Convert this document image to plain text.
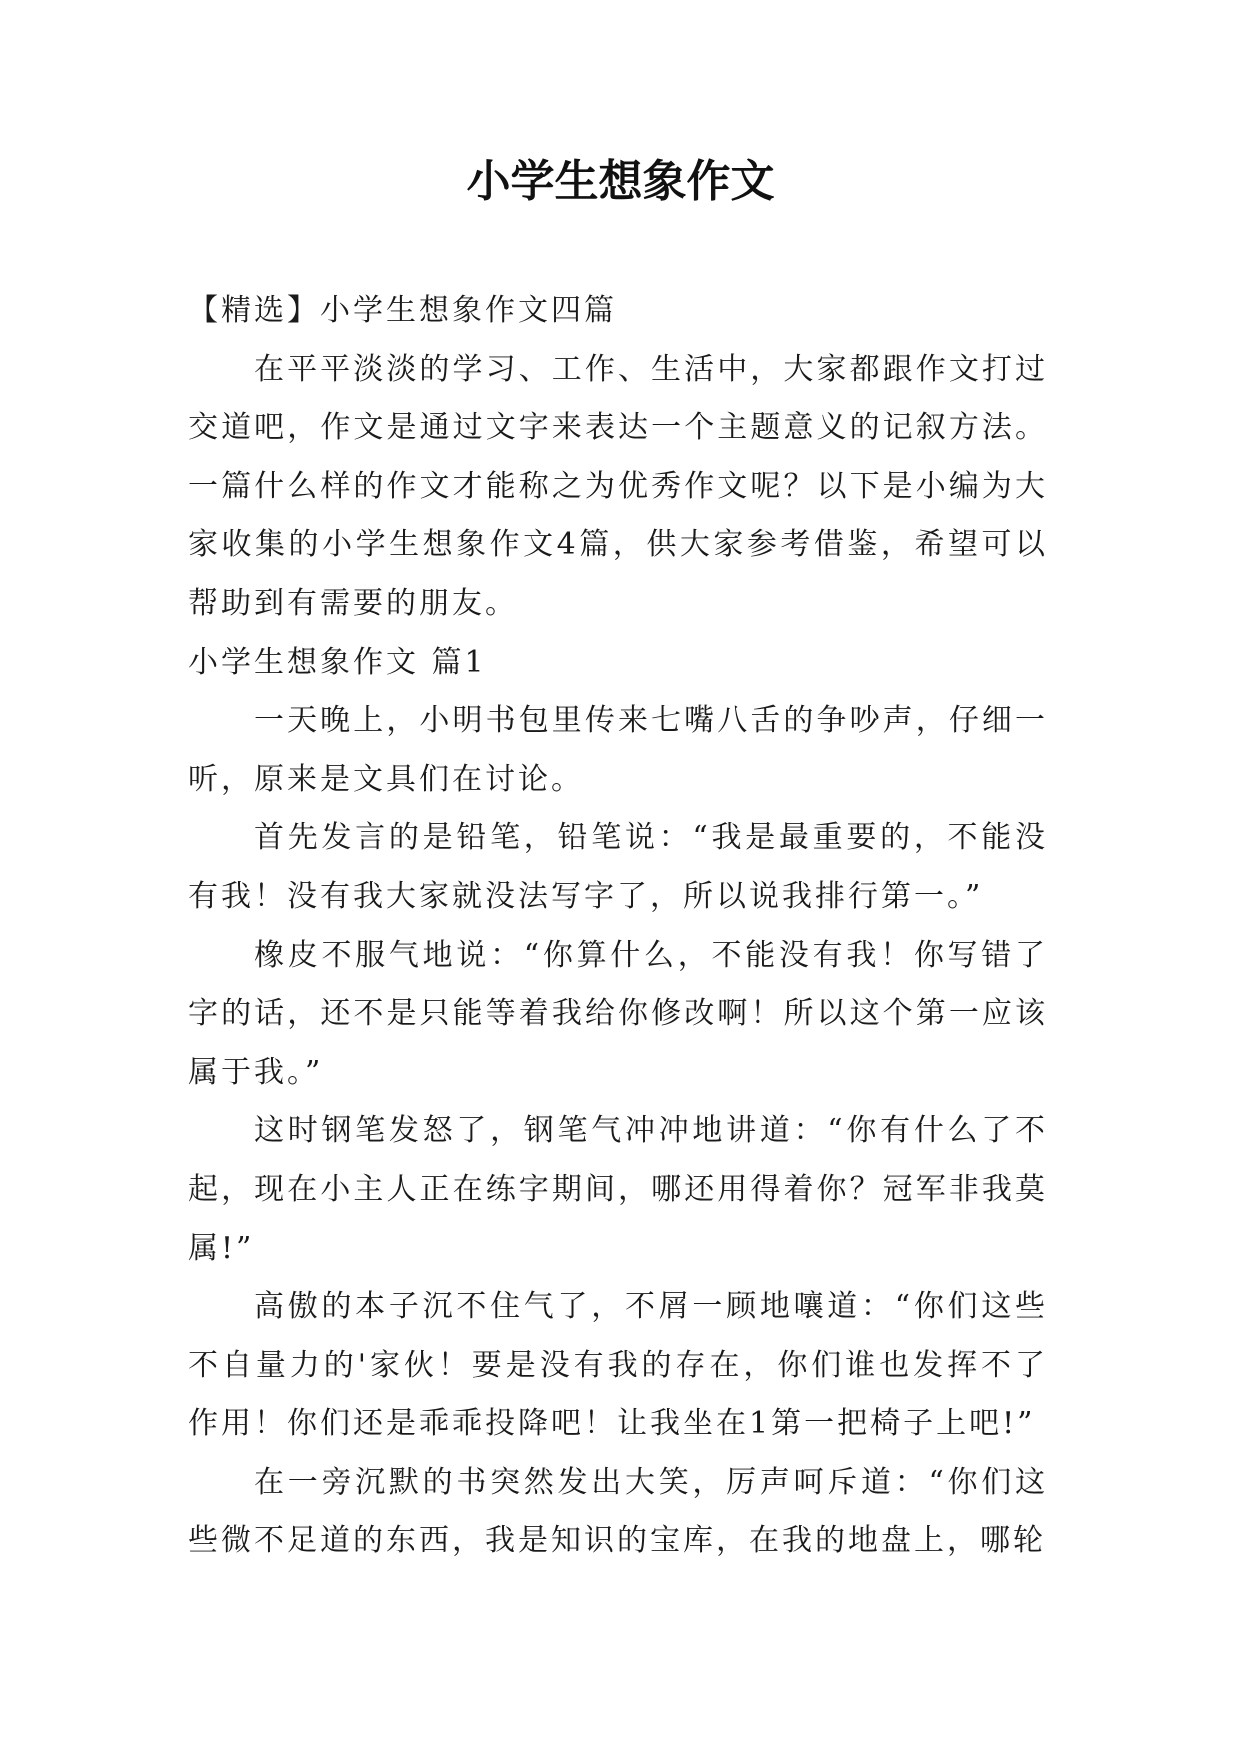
小学生想象作文

【精选】小学生想象作文四篇

在平平淡淡的学习、工作、生活中，大家都跟作文打过交道吧，作文是通过文字来表达一个主题意义的记叙方法。一篇什么样的作文才能称之为优秀作文呢？以下是小编为大家收集的小学生想象作文4篇，供大家参考借鉴，希望可以帮助到有需要的朋友。

小学生想象作文 篇1

一天晚上，小明书包里传来七嘴八舌的争吵声，仔细一听，原来是文具们在讨论。

首先发言的是铅笔，铅笔说：“我是最重要的，不能没有我！没有我大家就没法写字了，所以说我排行第一。”

橡皮不服气地说：“你算什么，不能没有我！你写错了字的话，还不是只能等着我给你修改啊！所以这个第一应该属于我。”

这时钢笔发怒了，钢笔气冲冲地讲道：“你有什么了不起，现在小主人正在练字期间，哪还用得着你？冠军非我莫属!”

高傲的本子沉不住气了，不屑一顾地嚷道：“你们这些不自量力的'家伙！要是没有我的存在，你们谁也发挥不了作用！你们还是乖乖投降吧！让我坐在1第一把椅子上吧!”

在一旁沉默的书突然发出大笑，厉声呵斥道：“你们这些微不足道的东西，我是知识的宝库，在我的地盘上，哪轮
